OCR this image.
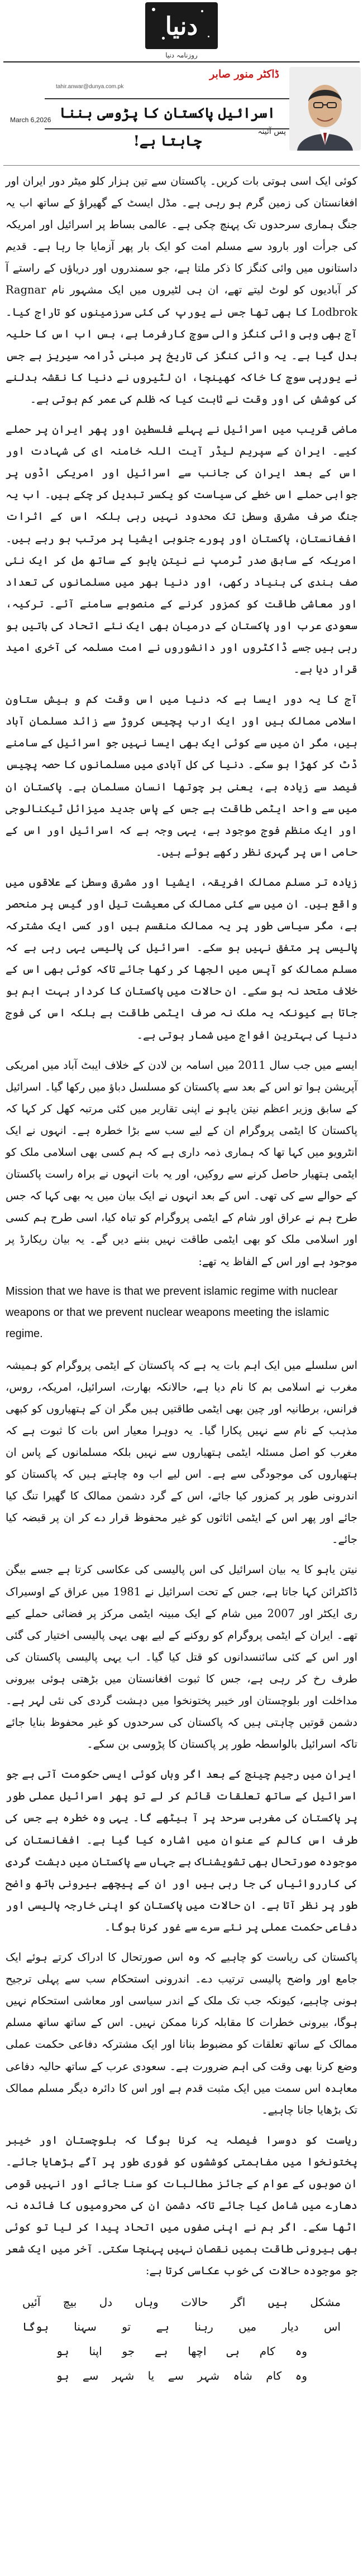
دنیا
روزنامہ دنیا
ڈاکٹر منور صابر
tahir.anwar@dunya.com.pk
اسرائیل پاکستان کا پڑوسی بننا چاہتا ہے!
March 6,2026
پس آئینہ

کوئی ایک اسی ہوتی بات کریں۔ پاکستان سے تین ہزار کلو میٹر دور ایران اور افغانستان کی زمین گرم ہو رہی ہے۔ مڈل ایسٹ کے گھیراؤ کے ساتھ اب یہ جنگ ہماری سرحدوں تک پہنچ چکی ہے۔ عالمی بساط پر اسرائیل اور امریکہ کی جرأت اور بارود سے مسلم امت کو ایک بار پھر آزمایا جا رہا ہے۔ قدیم داستانوں میں وائی کنگز کا ذکر ملتا ہے، جو سمندروں اور دریاؤں کے راستے آ کر آبادیوں کو لوٹ لیتے تھے، ان ہی لٹیروں میں ایک مشہور نام Ragnar Lodbrok کا بھی تھا جس نے یورپ کی کئی سرزمینوں کو تاراج کیا۔ آج بھی وہی وائی کنگز والی سوچ کارفرما ہے، بس اب اس کا حلیہ بدل گیا ہے۔ یہ وائی کنگز کی تاریخ پر مبنی ڈرامہ سیریز ہے جس نے یورپی سوچ کا خاکہ کھینچا، ان لٹیروں نے دنیا کا نقشہ بدلنے کی کوشش کی اور وقت نے ثابت کیا کہ ظلم کی عمر کم ہوتی ہے۔

ماضی قریب میں اسرائیل نے پہلے فلسطین اور پھر ایران پر حملے کیے۔ ایران کے سپریم لیڈر آیت اللہ خامنہ ای کی شہادت اور اس کے بعد ایران کی جانب سے اسرائیل اور امریکی اڈوں پر جوابی حملے اس خطے کی سیاست کو یکسر تبدیل کر چکے ہیں۔ اب یہ جنگ صرف مشرق وسطیٰ تک محدود نہیں رہی بلکہ اس کے اثرات افغانستان، پاکستان اور پورے جنوبی ایشیا پر مرتب ہو رہے ہیں۔ امریکہ کے سابق صدر ٹرمپ نے نیتن یاہو کے ساتھ مل کر ایک نئی صف بندی کی بنیاد رکھی، اور دنیا بھر میں مسلمانوں کی تعداد اور معاشی طاقت کو کمزور کرنے کے منصوبے سامنے آئے۔ ترکیہ، سعودی عرب اور پاکستان کے درمیان بھی ایک نئے اتحاد کی باتیں ہو رہی ہیں جسے ڈاکٹروں اور دانشوروں نے امت مسلمہ کی آخری امید قرار دیا ہے۔

آج کا یہ دور ایسا ہے کہ دنیا میں اس وقت کم و بیش ستاون اسلامی ممالک ہیں اور ایک ارب پچیس کروڑ سے زائد مسلمان آباد ہیں، مگر ان میں سے کوئی ایک بھی ایسا نہیں جو اسرائیل کے سامنے ڈٹ کر کھڑا ہو سکے۔ دنیا کی کل آبادی میں مسلمانوں کا حصہ پچیس فیصد سے زیادہ ہے، یعنی ہر چوتھا انسان مسلمان ہے۔ پاکستان ان میں سے واحد ایٹمی طاقت ہے جس کے پاس جدید میزائل ٹیکنالوجی اور ایک منظم فوج موجود ہے، یہی وجہ ہے کہ اسرائیل اور اس کے حامی اس پر گہری نظر رکھے ہوئے ہیں۔

زیادہ تر مسلم ممالک افریقہ، ایشیا اور مشرق وسطیٰ کے علاقوں میں واقع ہیں۔ ان میں سے کئی ممالک کی معیشت تیل اور گیس پر منحصر ہے، مگر سیاسی طور پر یہ ممالک منقسم ہیں اور کسی ایک مشترکہ پالیسی پر متفق نہیں ہو سکے۔ اسرائیل کی پالیسی یہی رہی ہے کہ مسلم ممالک کو آپس میں الجھا کر رکھا جائے تاکہ کوئی بھی اس کے خلاف متحد نہ ہو سکے۔ ان حالات میں پاکستان کا کردار بہت اہم ہو جاتا ہے کیونکہ یہ ملک نہ صرف ایٹمی طاقت ہے بلکہ اس کی فوج دنیا کی بہترین افواج میں شمار ہوتی ہے۔

ایسے میں جب سال 2011 میں اسامہ بن لادن کے خلاف ایبٹ آباد میں امریکی آپریشن ہوا تو اس کے بعد سے پاکستان کو مسلسل دباؤ میں رکھا گیا۔ اسرائیل کے سابق وزیر اعظم نیتن یاہو نے اپنی تقاریر میں کئی مرتبہ کھل کر کہا کہ پاکستان کا ایٹمی پروگرام ان کے لیے سب سے بڑا خطرہ ہے۔ انہوں نے ایک انٹرویو میں کہا تھا کہ ہماری ذمہ داری ہے کہ ہم کسی بھی اسلامی ملک کو ایٹمی ہتھیار حاصل کرنے سے روکیں، اور یہ بات انہوں نے براہ راست پاکستان کے حوالے سے کی تھی۔ اس کے بعد انہوں نے ایک بیان میں یہ بھی کہا کہ جس طرح ہم نے عراق اور شام کے ایٹمی پروگرام کو تباہ کیا، اسی طرح ہم کسی اور اسلامی ملک کو بھی ایٹمی طاقت نہیں بننے دیں گے۔ یہ بیان ریکارڈ پر موجود ہے اور اس کے الفاظ یہ تھے:

Mission that we have is that we prevent islamic regime with nuclear weapons or that we prevent nuclear weapons meeting the islamic regime.

اس سلسلے میں ایک اہم بات یہ ہے کہ پاکستان کے ایٹمی پروگرام کو ہمیشہ مغرب نے اسلامی بم کا نام دیا ہے، حالانکہ بھارت، اسرائیل، امریکہ، روس، فرانس، برطانیہ اور چین بھی ایٹمی طاقتیں ہیں مگر ان کے ہتھیاروں کو کبھی مذہب کے نام سے نہیں پکارا گیا۔ یہ دوہرا معیار اس بات کا ثبوت ہے کہ مغرب کو اصل مسئلہ ایٹمی ہتھیاروں سے نہیں بلکہ مسلمانوں کے پاس ان ہتھیاروں کی موجودگی سے ہے۔ اس لیے اب وہ چاہتے ہیں کہ پاکستان کو اندرونی طور پر کمزور کیا جائے، اس کے گرد دشمن ممالک کا گھیرا تنگ کیا جائے اور پھر اس کے ایٹمی اثاثوں کو غیر محفوظ قرار دے کر ان پر قبضہ کیا جائے۔

نیتن یاہو کا یہ بیان اسرائیل کی اس پالیسی کی عکاسی کرتا ہے جسے بیگن ڈاکٹرائن کہا جاتا ہے، جس کے تحت اسرائیل نے 1981 میں عراق کے اوسیراک ری ایکٹر اور 2007 میں شام کے ایک مبینہ ایٹمی مرکز پر فضائی حملے کیے تھے۔ ایران کے ایٹمی پروگرام کو روکنے کے لیے بھی یہی پالیسی اختیار کی گئی اور اس کے کئی سائنسدانوں کو قتل کیا گیا۔ اب یہی پالیسی پاکستان کی طرف رخ کر رہی ہے، جس کا ثبوت افغانستان میں بڑھتی ہوئی بیرونی مداخلت اور بلوچستان اور خیبر پختونخوا میں دہشت گردی کی نئی لہر ہے۔ دشمن قوتیں چاہتی ہیں کہ پاکستان کی سرحدوں کو غیر محفوظ بنایا جائے تاکہ اسرائیل بالواسطہ طور پر پاکستان کا پڑوسی بن سکے۔

ایران میں رجیم چینج کے بعد اگر وہاں کوئی ایسی حکومت آتی ہے جو اسرائیل کے ساتھ تعلقات قائم کر لے تو پھر اسرائیل عملی طور پر پاکستان کی مغربی سرحد پر آ بیٹھے گا۔ یہی وہ خطرہ ہے جس کی طرف اس کالم کے عنوان میں اشارہ کیا گیا ہے۔ افغانستان کی موجودہ صورتحال بھی تشویشناک ہے جہاں سے پاکستان میں دہشت گردی کی کارروائیاں کی جا رہی ہیں اور ان کے پیچھے بیرونی ہاتھ واضح طور پر نظر آتا ہے۔ ان حالات میں پاکستان کو اپنی خارجہ پالیسی اور دفاعی حکمت عملی پر نئے سرے سے غور کرنا ہوگا۔

پاکستان کی ریاست کو چاہیے کہ وہ اس صورتحال کا ادراک کرتے ہوئے ایک جامع اور واضح پالیسی ترتیب دے۔ اندرونی استحکام سب سے پہلی ترجیح ہونی چاہیے، کیونکہ جب تک ملک کے اندر سیاسی اور معاشی استحکام نہیں ہوگا، بیرونی خطرات کا مقابلہ کرنا ممکن نہیں۔ اس کے ساتھ ساتھ مسلم ممالک کے ساتھ تعلقات کو مضبوط بنانا اور ایک مشترکہ دفاعی حکمت عملی وضع کرنا بھی وقت کی اہم ضرورت ہے۔ سعودی عرب کے ساتھ حالیہ دفاعی معاہدہ اس سمت میں ایک مثبت قدم ہے اور اس کا دائرہ دیگر مسلم ممالک تک بڑھایا جانا چاہیے۔

ریاست کو دوسرا فیصلہ یہ کرنا ہوگا کہ بلوچستان اور خیبر پختونخوا میں مفاہمتی کوششوں کو فوری طور پر آگے بڑھایا جائے۔ ان صوبوں کے عوام کے جائز مطالبات کو سنا جائے اور انہیں قومی دھارے میں شامل کیا جائے تاکہ دشمن ان کی محرومیوں کا فائدہ نہ اٹھا سکے۔ اگر ہم نے اپنی صفوں میں اتحاد پیدا کر لیا تو کوئی بھی بیرونی طاقت ہمیں نقصان نہیں پہنچا سکتی۔ آخر میں ایک شعر جو موجودہ حالات کی خوب عکاسی کرتا ہے:

مشکل
ہیں
اگر
حالات
وہاں
دل
بیچ
آئیں
اس
دیار
میں
رہنا
ہے
تو
سہنا
ہوگا
وہ
کام
ہی
اچھا
ہے
جو
اپنا
ہو
وہ
کام
شاہ
شہر
سے
یا
شہر
سے
ہو
